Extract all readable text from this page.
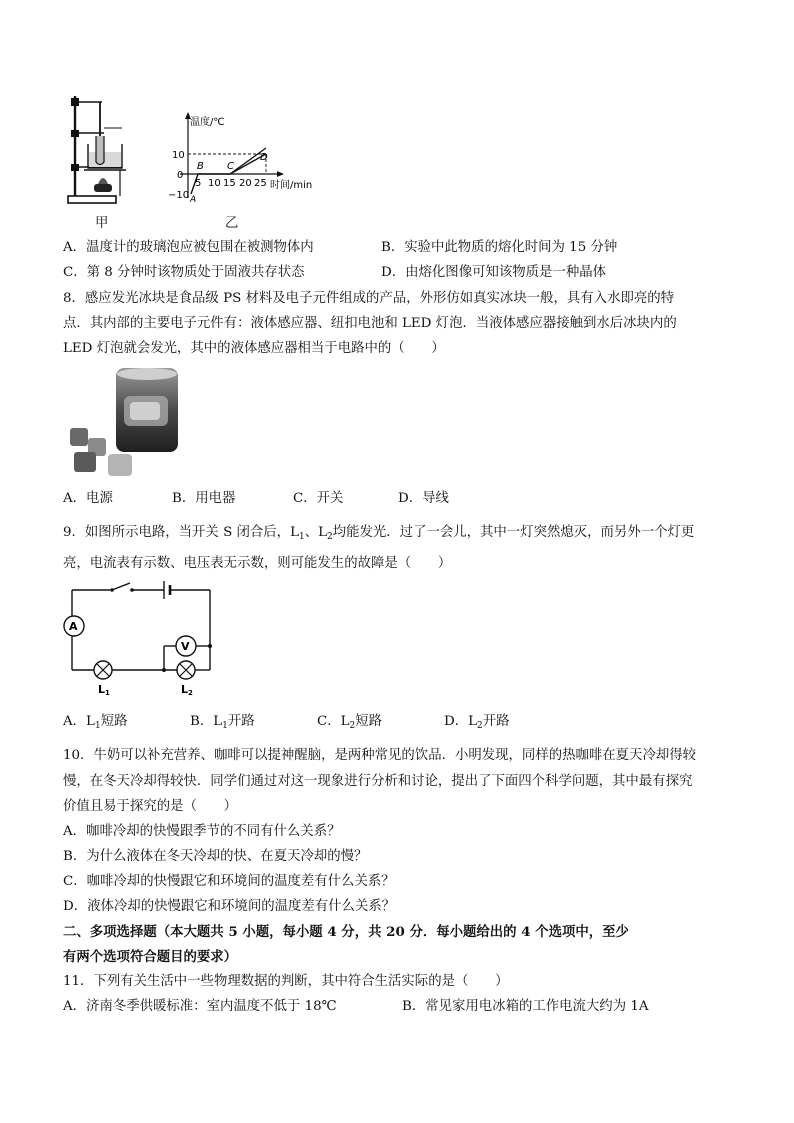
温度/℃
时间/min
10
0
−10
5 10 15 20 25
A
B C
D
甲	乙
A．温度计的玻璃泡应被包围在被测物体内	B．实验中此物质的熔化时间为 15 分钟
C．第 8 分钟时该物质处于固液共存状态	D．由熔化图像可知该物质是一种晶体
8．感应发光冰块是食品级 PS 材料及电子元件组成的产品，外形仿如真实冰块一般，具有入水即亮的特
点．其内部的主要电子元件有：液体感应器、纽扣电池和 LED 灯泡．当液体感应器接触到水后冰块内的
LED 灯泡就会发光，其中的液体感应器相当于电路中的（　　）
A．电源	B．用电器	C．开关	D．导线
9．如图所示电路，当开关 S 闭合后，$L_1$、$L_2$均能发光．过了一会儿，其中一灯突然熄灭，而另外一个灯更
亮，电流表有示数、电压表无示数，则可能发生的故障是（　　）
A
V
L1	L2
A．$L_1$短路	B．$L_1$开路	C．$L_2$短路	D．$L_2$开路
10．牛奶可以补充营养、咖啡可以提神醒脑，是两种常见的饮品．小明发现，同样的热咖啡在夏天冷却得较
慢，在冬天冷却得较快．同学们通过对这一现象进行分析和讨论，提出了下面四个科学问题，其中最有探究
价值且易于探究的是（　　）
A．咖啡冷却的快慢跟季节的不同有什么关系？
B．为什么液体在冬天冷却的快、在夏天冷却的慢？
C．咖啡冷却的快慢跟它和环境间的温度差有什么关系？
D．液体冷却的快慢跟它和环境间的温度差有什么关系？
二、多项选择题（本大题共 5 小题，每小题 4 分，共 20 分．每小题给出的 4 个选项中，至少
有两个选项符合题目的要求）
11．下列有关生活中一些物理数据的判断，其中符合生活实际的是（　　）
A．济南冬季供暖标准：室内温度不低于 18℃	B．常见家用电冰箱的工作电流大约为 1A
